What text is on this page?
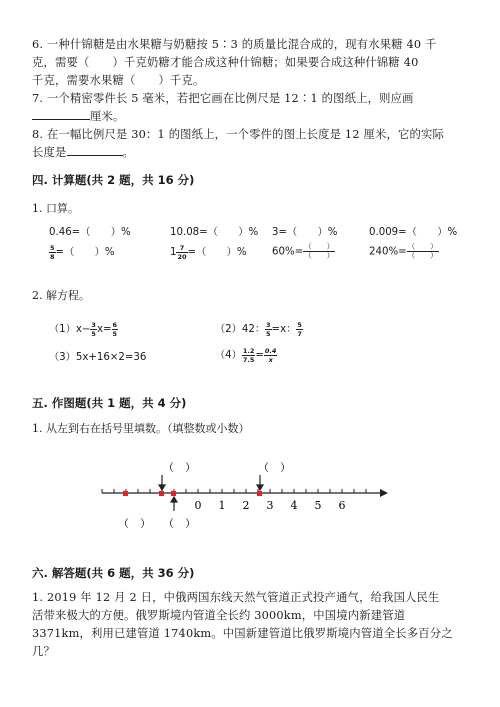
6. 一种什锦糖是由水果糖与奶糖按 5∶3 的质量比混合成的，现有水果糖 40 千
克，需要（　　）千克奶糖才能合成这种什锦糖；如果要合成这种什锦糖 40
千克，需要水果糖（　　）千克。
7. 一个精密零件长 5 毫米，若把它画在比例尺是 12∶1 的图纸上，则应画
厘米。
8. 在一幅比例尺是 30：1 的图纸上，一个零件的图上长度是 12 厘米，它的实际
长度是	。
四. 计算题(共 2 题，共 16 分)
1. 口算。
0.46=（　　）%	10.08=（　　）% 3=（　　）%	0.009=（　　）%
$\frac{5}{8}$ =（　　）%	$1 \frac{7}{20}$ =（　　）%	$60\%= \frac{( )}{( )}$	$240\%= \frac{( )}{( )}$
2. 解方程。
$(1)x- \frac{3}{5} x= \frac{6}{5}$	（2）42： $\frac{3}{5} =x$： $\frac{5}{7}$
（3）5x+16×2=36	$(4) \frac{1.2}{7.5} = \frac{0.4}{x}$
五. 作图题(共 1 题，共 4 分)
1. 从左到右在括号里填数。（填整数或小数）
（　）	（　）
（　） （　）
0 1 2 3 4 5 6
六. 解答题(共 6 题，共 36 分)
1. 2019 年 12 月 2 日，中俄两国东线天然气管道正式投产通气，给我国人民生
活带来极大的方便。俄罗斯境内管道全长约 3000km，中国境内新建管道
3371km，利用已建管道 1740km。中国新建管道比俄罗斯境内管道全长多百分之
几？
